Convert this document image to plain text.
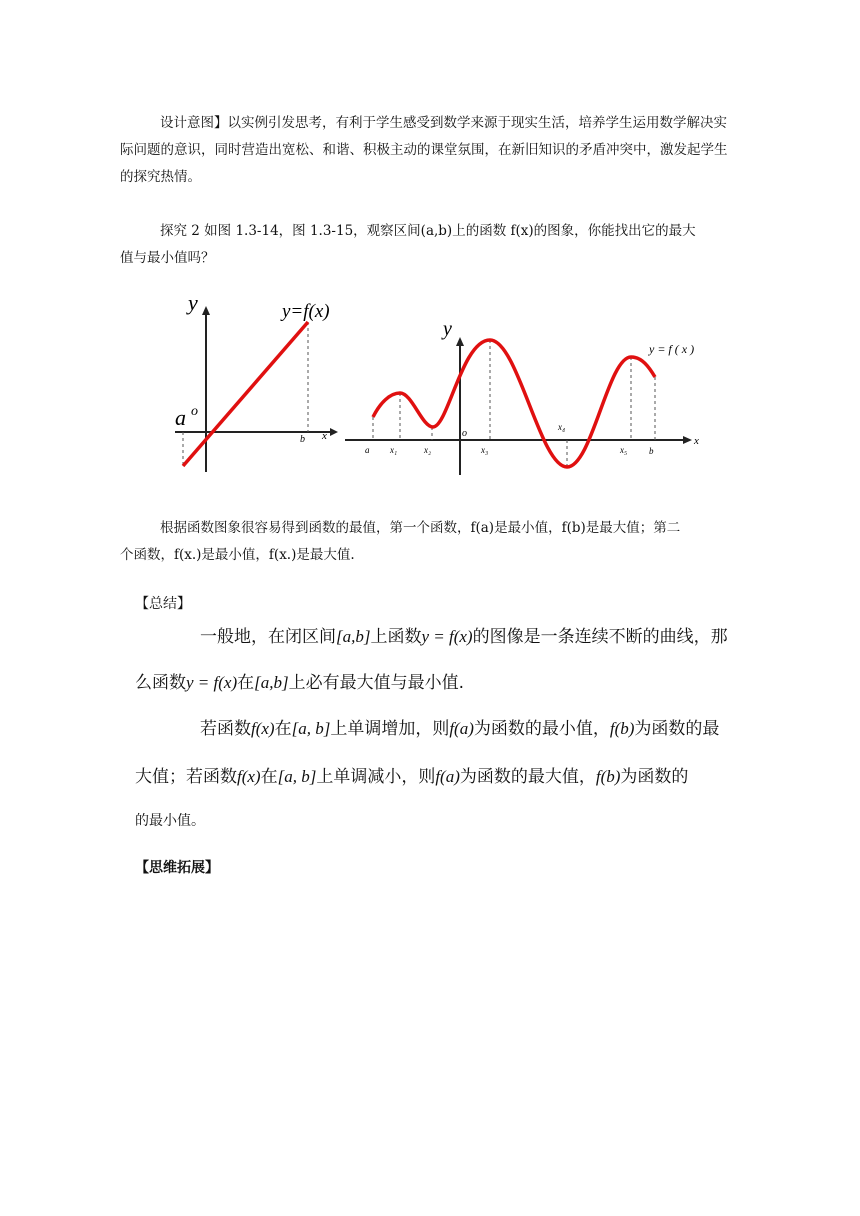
设计意图】以实例引发思考，有利于学生感受到数学来源于现实生活，培养学生运用数学解决实际问题的意识，同时营造出宽松、和谐、积极主动的课堂氛围，在新旧知识的矛盾冲突中，激发起学生的探究热情。

探究 2 如图 1.3-14，图 1.3-15，观察区间(a,b)上的函数 f(x)的图象，你能找出它的最大

值与最小值吗？

y	y=f(x)
a o
b x
y
y = f ( x )
o
x
a x₁	x₂	x₃
x₄
x₅ b

根据函数图象很容易得到函数的最值，第一个函数，f(a)是最小值，f(b)是最大值；第二

个函数，f(x.)是最小值，f(x.)是最大值.

【总结】

一般地，在闭区间[a,b]上函数y = f(x)的图像是一条连续不断的曲线，那

么函数y = f(x)在[a,b]上必有最大值与最小值.

若函数f(x)在[a, b]上单调增加，则f(a)为函数的最小值，f(b)为函数的最

大值；若函数f(x)在[a, b]上单调减小，则f(a)为函数的最大值，f(b)为函数的

的最小值。

【思维拓展】
